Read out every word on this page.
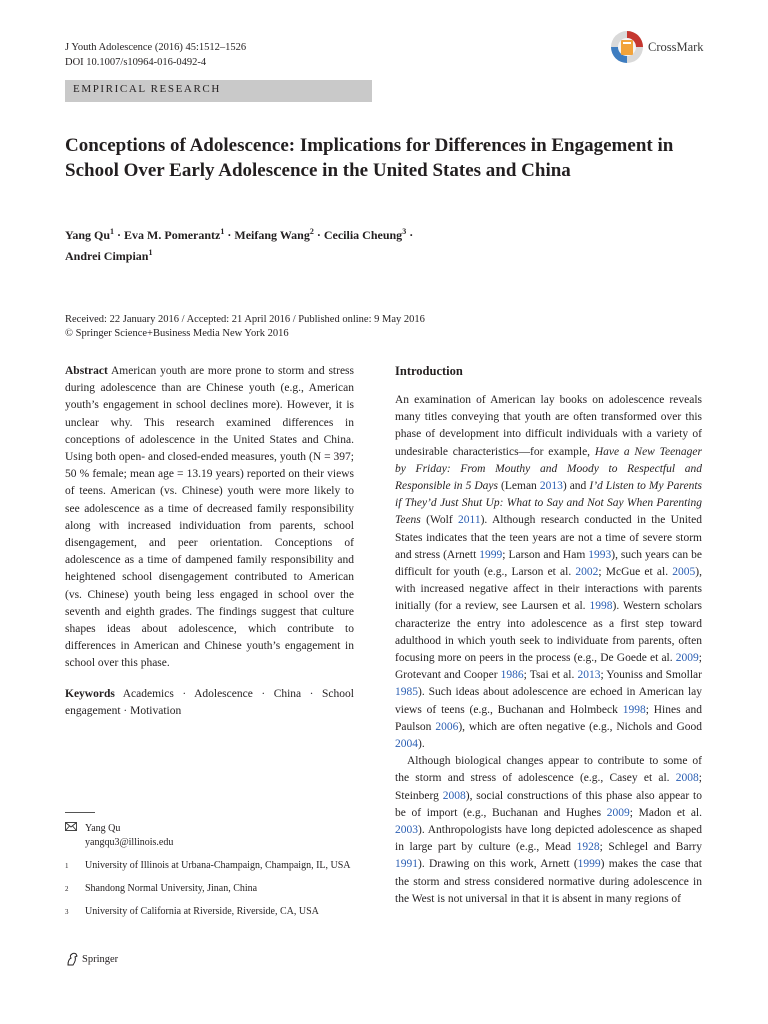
J Youth Adolescence (2016) 45:1512–1526
DOI 10.1007/s10964-016-0492-4
CrossMark
EMPIRICAL RESEARCH
Conceptions of Adolescence: Implications for Differences in Engagement in School Over Early Adolescence in the United States and China
Yang $Qu^1$ · Eva M. Pomerantz$^1$ · Meifang Wang$^2$ · Cecilia Cheung$^3$ ·
Andrei Cimpian$^1$
Received: 22 January 2016 / Accepted: 21 April 2016 / Published online: 9 May 2016
© Springer Science+Business Media New York 2016

Abstract American youth are more prone to storm and stress during adolescence than are Chinese youth (e.g., American youth’s engagement in school declines more). However, it is unclear why. This research examined differences in conceptions of adolescence in the United States and China. Using both open- and closed-ended measures, youth (N = 397; 50 % female; mean age = 13.19 years) reported on their views of teens. American (vs. Chinese) youth were more likely to see adolescence as a time of decreased family responsibility along with increased individuation from parents, school disengagement, and peer orientation. Conceptions of adolescence as a time of dampened family responsibility and heightened school disengagement contributed to American (vs. Chinese) youth being less engaged in school over the seventh and eighth grades. The findings suggest that culture shapes ideas about adolescence, which contribute to differences in American and Chinese youth’s engagement in school over this phase.

Keywords Academics · Adolescence · China · School engagement · Motivation

Yang Qu
yangqu3@illinois.edu
1	University of Illinois at Urbana-Champaign, Champaign, IL, USA
2	Shandong Normal University, Jinan, China
3	University of California at Riverside, Riverside, CA, USA
Springer
Introduction

An examination of American lay books on adolescence reveals many titles conveying that youth are often transformed over this phase of development into difficult individuals with a variety of undesirable characteristics—for example, Have a New Teenager by Friday: From Mouthy and Moody to Respectful and Responsible in 5 Days (Leman 2013) and I’d Listen to My Parents if They’d Just Shut Up: What to Say and Not Say When Parenting Teens (Wolf 2011). Although research conducted in the United States indicates that the teen years are not a time of severe storm and stress (Arnett 1999; Larson and Ham 1993), such years can be difficult for youth (e.g., Larson et al. 2002; McGue et al. 2005), with increased negative affect in their interactions with parents initially (for a review, see Laursen et al. 1998). Western scholars characterize the entry into adolescence as a first step toward adulthood in which youth seek to individuate from parents, often focusing more on peers in the process (e.g., De Goede et al. 2009; Grotevant and Cooper 1986; Tsai et al. 2013; Youniss and Smollar 1985). Such ideas about adolescence are echoed in American lay views of teens (e.g., Buchanan and Holmbeck 1998; Hines and Paulson 2006), which are often negative (e.g., Nichols and Good 2004).

Although biological changes appear to contribute to some of the storm and stress of adolescence (e.g., Casey et al. 2008; Steinberg 2008), social constructions of this phase also appear to be of import (e.g., Buchanan and Hughes 2009; Madon et al. 2003). Anthropologists have long depicted adolescence as shaped in large part by culture (e.g., Mead 1928; Schlegel and Barry 1991). Drawing on this work, Arnett (1999) makes the case that the storm and stress considered normative during adolescence in the West is not universal in that it is absent in many regions of
